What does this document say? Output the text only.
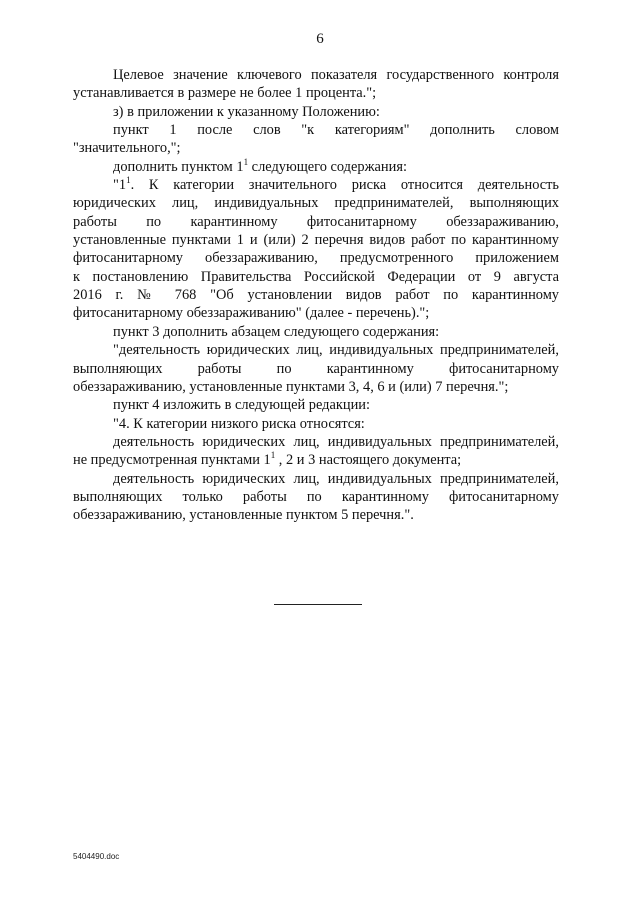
6

Целевое значение ключевого показателя государственного контроля
устанавливается в размере не более 1 процента.";

з) в приложении к указанному Положению:

пункт 1 после слов "к категориям" дополнить словом
"значительного,";

дополнить пунктом $1^1$ следующего содержания:

"$1^1$. К категории значительного риска относится деятельность
юридических лиц, индивидуальных предпринимателей, выполняющих
работы по карантинному фитосанитарному обеззараживанию,
установленные пунктами 1 и (или) 2 перечня видов работ по карантинному
фитосанитарному обеззараживанию, предусмотренного приложением
к постановлению Правительства Российской Федерации от 9 августа
2016 г. № 768 "Об установлении видов работ по карантинному
фитосанитарному обеззараживанию" (далее - перечень).";

пункт 3 дополнить абзацем следующего содержания:

"деятельность юридических лиц, индивидуальных предпринимателей,
выполняющих работы по карантинному фитосанитарному
обеззараживанию, установленные пунктами 3, 4, 6 и (или) 7 перечня.";

пункт 4 изложить в следующей редакции:

"4. К категории низкого риска относятся:

деятельность юридических лиц, индивидуальных предпринимателей,
не предусмотренная пунктами $1^1$ , 2 и 3 настоящего документа;

деятельность юридических лиц, индивидуальных предпринимателей,
выполняющих только работы по карантинному фитосанитарному
обеззараживанию, установленные пунктом 5 перечня.".

5404490.doc
